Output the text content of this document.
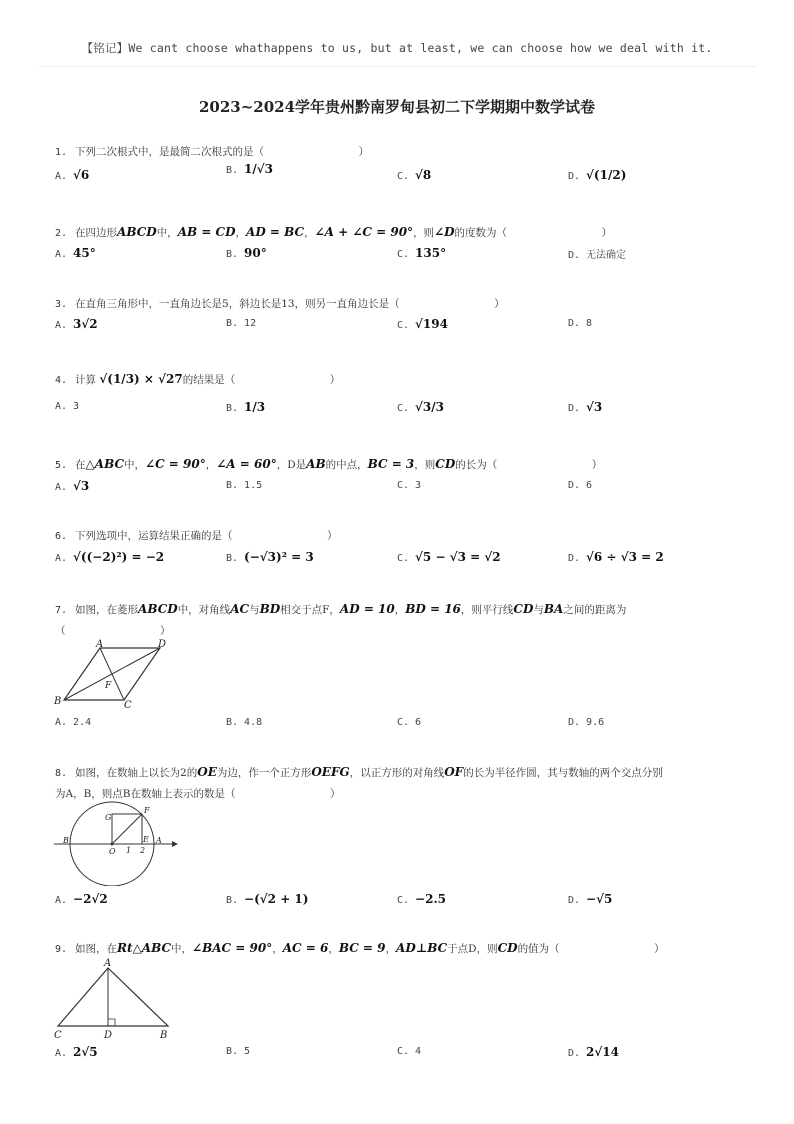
【铭记】We cant choose whathappens to us, but at least, we can choose how we deal with it.
2023~2024学年贵州黔南罗甸县初二下学期期中数学试卷
1. 下列二次根式中，是最简二次根式的是（　　　　　　　　　）
A. √6	B. 1/√3
C. √8	D. √(1/2)
2. 在四边形ABCD中，AB = CD，AD = BC，∠A + ∠C = 90°，则∠D的度数为（　　　　　　　　　）
A. 45°	B. 90°	C. 135°	D. 无法确定
3. 在直角三角形中，一直角边长是5，斜边长是13，则另一直角边长是（　　　　　　　　　）
A. 3√2	B. 12	C. √194	D. 8
4. 计算 √(1/3) × √27的结果是（　　　　　　　　　）
A. 3	B. 1/3	C. √3/3	D. √3
5. 在△ABC中，∠C = 90°，∠A = 60°，D是AB的中点，BC = 3，则CD的长为（　　　　　　　　　）
A. √3	B. 1.5	C. 3	D. 6
6. 下列选项中，运算结果正确的是（　　　　　　　　　）
A. √((−2)²) = −2	B. (−√3)² = 3	C. √5 − √3 = √2	D. √6 ÷ √3 = 2
7. 如图，在菱形ABCD中，对角线AC与BD相交于点F，AD = 10，BD = 16，则平行线CD与BA之间的距离为
（　　　　　　　　　）
A	D
B	C
F
A. 2.4	B. 4.8	C. 6	D. 9.6
8. 如图，在数轴上以长为2的OE为边，作一个正方形OEFG，以正方形的对角线OF的长为半径作圆，其与数轴的两个交点分别
为A，B，则点B在数轴上表示的数是（　　　　　　　　　）
G
F
B
O 1
E
2
A
A. −2√2	B. −(√2 + 1)	C. −2.5	D. −√5
9. 如图，在Rt△ABC中，∠BAC = 90°，AC = 6，BC = 9，AD⊥BC于点D，则CD的值为（　　　　　　　　　）
A
C	D	B
A. 2√5	B. 5	C. 4	D. 2√14
